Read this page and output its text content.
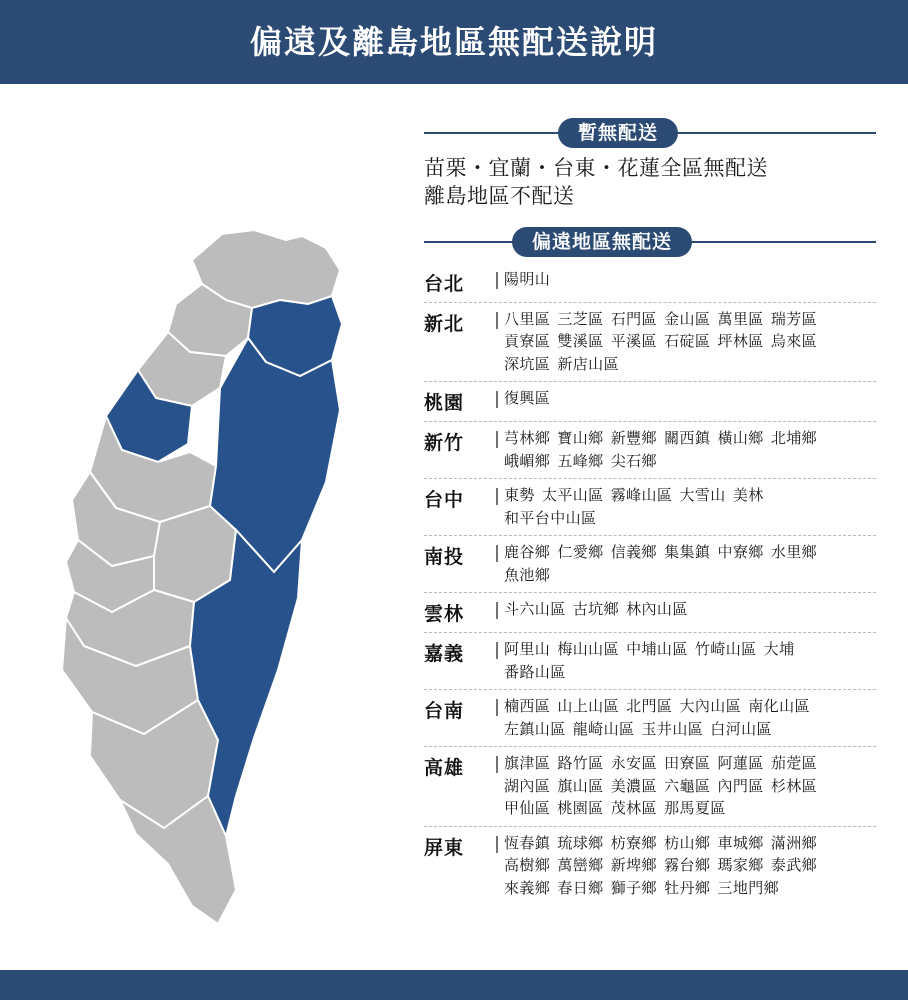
偏遠及離島地區無配送說明
暫無配送
苗栗・宜蘭・台東・花蓮全區無配送
離島地區不配送
偏遠地區無配送
台北	| 陽明山
新北	| 八里區 三芝區 石門區 金山區 萬里區 瑞芳區
貢寮區 雙溪區 平溪區 石碇區 坪林區 烏來區
深坑區 新店山區
桃園	| 復興區
新竹	| 芎林鄉 寶山鄉 新豐鄉 關西鎮 橫山鄉 北埔鄉
峨嵋鄉 五峰鄉 尖石鄉
台中	| 東勢 太平山區 霧峰山區 大雪山 美林
和平台中山區
南投	| 鹿谷鄉 仁愛鄉 信義鄉 集集鎮 中寮鄉 水里鄉
魚池鄉
雲林	| 斗六山區 古坑鄉 林內山區
嘉義	| 阿里山 梅山山區 中埔山區 竹崎山區 大埔
番路山區
台南	| 楠西區 山上山區 北門區 大內山區 南化山區
左鎮山區 龍崎山區 玉井山區 白河山區
高雄	| 旗津區 路竹區 永安區 田寮區 阿蓮區 茄萣區
湖內區 旗山區 美濃區 六龜區 內門區 杉林區
甲仙區 桃園區 茂林區 那馬夏區
屏東	| 恆春鎮 琉球鄉 枋寮鄉 枋山鄉 車城鄉 滿洲鄉
高樹鄉 萬巒鄉 新埤鄉 霧台鄉 瑪家鄉 泰武鄉
來義鄉 春日鄉 獅子鄉 牡丹鄉 三地門鄉
